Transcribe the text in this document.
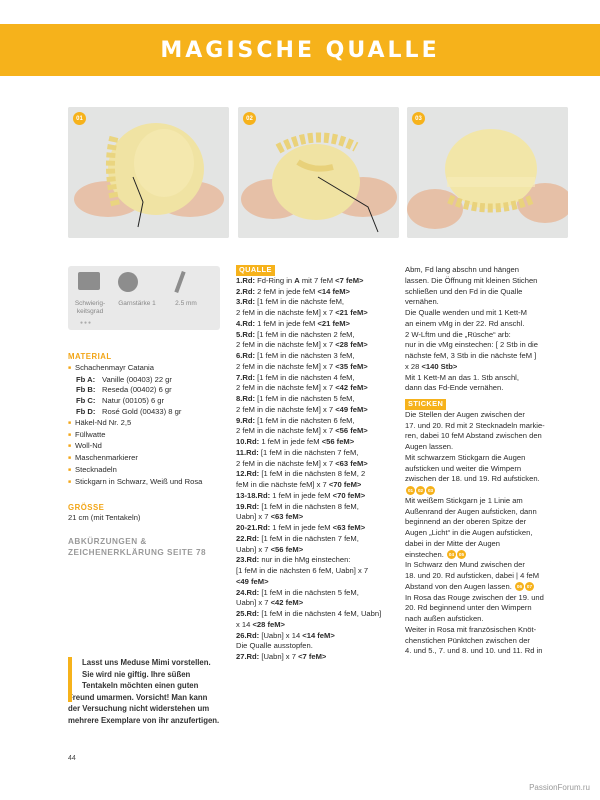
MAGISCHE QUALLE
01	02	03
Schwierig-
keitsgrad
●●●
Garnstärke 1	2.5 mm
MATERIAL
■ Schachenmayr Catania
Fb A: Vanille (00403) 22 gr
Fb B: Reseda (00402) 6 gr
Fb C: Natur (00105) 6 gr
Fb D: Rosé Gold (00433) 8 gr
■ Häkel-Nd Nr. 2,5
■ Füllwatte
■ Woll-Nd
■ Maschenmarkierer
■ Stecknadeln
■ Stickgarn in Schwarz, Weiß und Rosa
GRÖSSE
21 cm (mit Tentakeln)
ABKÜRZUNGEN &
ZEICHENERKLÄRUNG SEITE 78
Lasst uns Meduse Mimi vorstellen.
Sie wird nie giftig. Ihre süßen
Tentakeln möchten einen guten
Freund umarmen. Vorsicht! Man kann
der Versuchung nicht widerstehen um
mehrere Exemplare von ihr anzufertigen.
QUALLE
1.Rd: Fd-Ring in A mit 7 feM <7 feM>
2.Rd: 2 feM in jede feM <14 feM>
3.Rd: [1 feM in die nächste feM,
2 feM in die nächste feM] x 7 <21 feM>
4.Rd: 1 feM in jede feM <21 feM>
5.Rd: [1 feM in die nächsten 2 feM,
2 feM in die nächste feM] x 7 <28 feM>
6.Rd: [1 feM in die nächsten 3 feM,
2 feM in die nächste feM] x 7 <35 feM>
7.Rd: [1 feM in die nächsten 4 feM,
2 feM in die nächste feM] x 7 <42 feM>
8.Rd: [1 feM in die nächsten 5 feM,
2 feM in die nächste feM] x 7 <49 feM>
9.Rd: [1 feM in die nächsten 6 feM,
2 feM in die nächste feM] x 7 <56 feM>
10.Rd: 1 feM in jede feM <56 feM>
11.Rd: [1 feM in die nächsten 7 feM,
2 feM in die nächste feM] x 7 <63 feM>
12.Rd: [1 feM in die nächsten 8 feM, 2
feM in die nächste feM] x 7 <70 feM>
13-18.Rd: 1 feM in jede feM <70 feM>
19.Rd: [1 feM in die nächsten 8 feM,
Uabn] x 7 <63 feM>
20-21.Rd: 1 feM in jede feM <63 feM>
22.Rd: [1 feM in die nächsten 7 feM,
Uabn] x 7 <56 feM>
23.Rd: nur in die hMg einstechen:
[1 feM in die nächsten 6 feM, Uabn] x 7
<49 feM>
24.Rd: [1 feM in die nächsten 5 feM,
Uabn] x 7 <42 feM>
25.Rd: [1 feM in die nächsten 4 feM, Uabn]
x 14 <28 feM>
26.Rd: [Uabn] x 14 <14 feM>
Die Qualle ausstopfen.
27.Rd: [Uabn] x 7 <7 feM>
Abm, Fd lang abschn und hängen
lassen. Die Öffnung mit kleinen Stichen
schließen und den Fd in die Qualle
vernähen.
Die Qualle wenden und mit 1 Kett-M
an einem vMg in der 22. Rd anschl.
2 W-Lftm und die „Rüsche“ arb:
nur in die vMg einstechen: [ 2 Stb in die
nächste feM, 3 Stb in die nächste feM ]
x 28 <140 Stb>
Mit 1 Kett-M an das 1. Stb anschl,
dann das Fd-Ende vernähen.
STICKEN
Die Stellen der Augen zwischen der
17. und 20. Rd mit 2 Stecknadeln markie-
ren, dabei 10 feM Abstand zwischen den
Augen lassen.
Mit schwarzem Stickgarn die Augen
aufsticken und weiter die Wimpern
zwischen der 18. und 19. Rd aufsticken.
01 02 03
Mit weißem Stickgarn je 1 Linie am
Außenrand der Augen aufsticken, dann
beginnend an der oberen Spitze der
Augen „Licht“ in die Augen aufsticken,
dabei in der Mitte der Augen
einstechen. 04 05
In Schwarz den Mund zwischen der
18. und 20. Rd aufsticken, dabei | 4 feM
Abstand von den Augen lassen. 06 07
In Rosa das Rouge zwischen der 19. und
20. Rd beginnend unter den Wimpern
nach außen aufsticken.
Weiter in Rosa mit französischen Knöt-
chenstichen Pünktchen zwischen der
4. und 5., 7. und 8. und 10. und 11. Rd in
44
PassionForum.ru
